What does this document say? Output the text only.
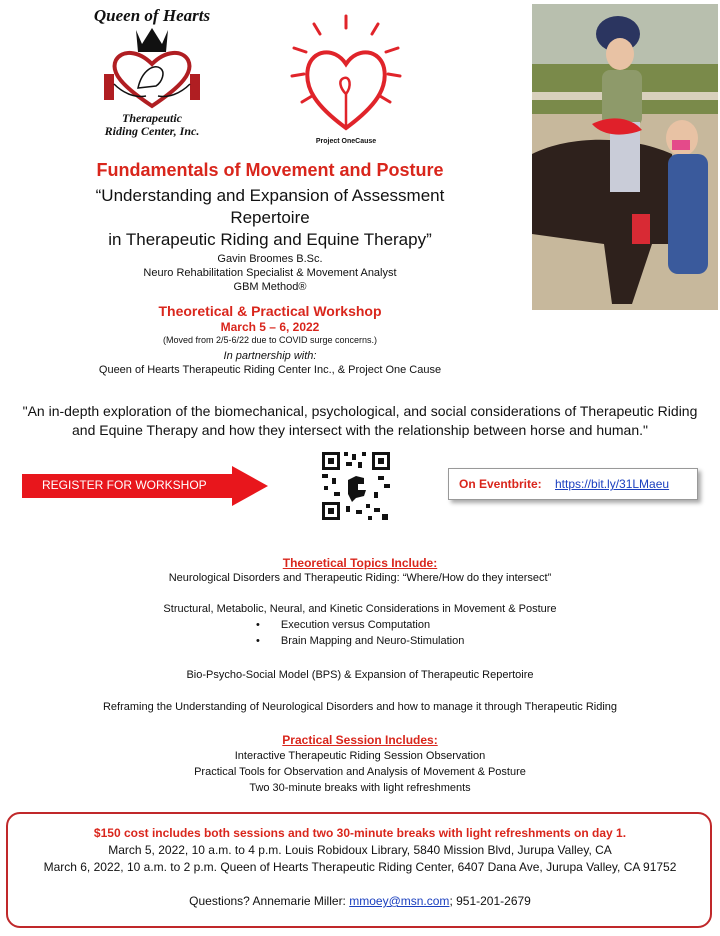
Queen of Hearts
Therapeutic
Riding Center, Inc.
Project OneCause
Fundamentals of Movement and Posture
“Understanding and Expansion of Assessment Repertoire
in Therapeutic Riding and Equine Therapy”
Gavin Broomes B.Sc.
Neuro Rehabilitation Specialist & Movement Analyst
GBM Method®
Theoretical & Practical Workshop
March 5 – 6, 2022
(Moved from 2/5-6/22 due to COVID surge concerns.)
In partnership with:
Queen of Hearts Therapeutic Riding Center Inc., & Project One Cause
"An in-depth exploration of the biomechanical, psychological, and social considerations of Therapeutic Riding and Equine Therapy and how they intersect with the relationship between horse and human."
REGISTER FOR WORKSHOP	On Eventbrite: https://bit.ly/31LMaeu
Theoretical Topics Include:
Neurological Disorders and Therapeutic Riding: “Where/How do they intersect”
Structural, Metabolic, Neural, and Kinetic Considerations in Movement & Posture
• Execution versus Computation
• Brain Mapping and Neuro-Stimulation
Bio-Psycho-Social Model (BPS) & Expansion of Therapeutic Repertoire
Reframing the Understanding of Neurological Disorders and how to manage it through Therapeutic Riding
Practical Session Includes:
Interactive Therapeutic Riding Session Observation
Practical Tools for Observation and Analysis of Movement & Posture
Two 30-minute breaks with light refreshments
$150 cost includes both sessions and two 30-minute breaks with light refreshments on day 1.
March 5, 2022, 10 a.m. to 4 p.m. Louis Robidoux Library, 5840 Mission Blvd, Jurupa Valley, CA
March 6, 2022, 10 a.m. to 2 p.m. Queen of Hearts Therapeutic Riding Center, 6407 Dana Ave, Jurupa Valley, CA 91752
Questions? Annemarie Miller: mmoey@msn.com; 951-201-2679
